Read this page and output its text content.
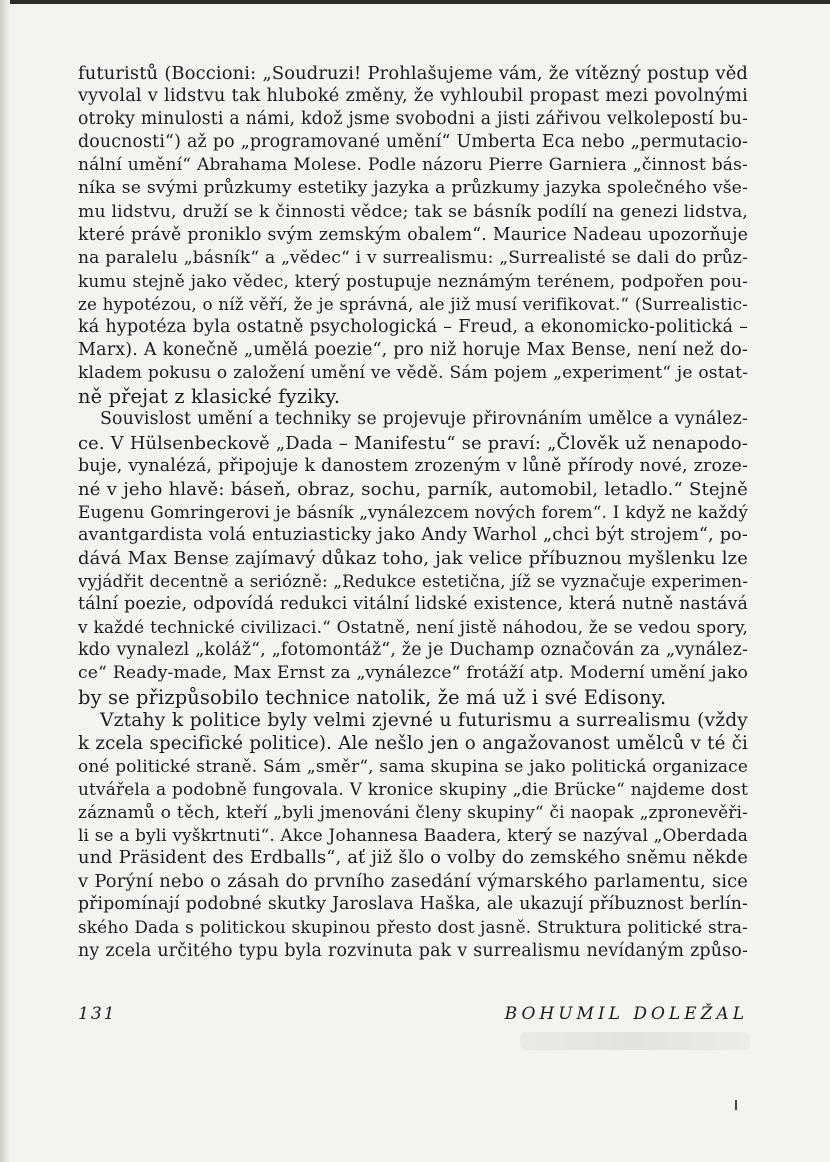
futuristů (Boccioni: „Soudruzi! Prohlašujeme vám, že vítězný postup věd
vyvolal v lidstvu tak hluboké změny, že vyhloubil propast mezi povolnými
otroky minulosti a námi, kdož jsme svobodni a jisti zářivou velkolepostí bu-
doucnosti“) až po „programované umění“ Umberta Eca nebo „permutacio-
nální umění“ Abrahama Molese. Podle názoru Pierre Garniera „činnost bás-
níka se svými průzkumy estetiky jazyka a průzkumy jazyka společného vše-
mu lidstvu, druží se k činnosti vědce; tak se básník podílí na genezi lidstva,
které právě proniklo svým zemským obalem“. Maurice Nadeau upozorňuje
na paralelu „básník“ a „vědec“ i v surrealismu: „Surrealisté se dali do průz-
kumu stejně jako vědec, který postupuje neznámým terénem, podpořen pou-
ze hypotézou, o níž věří, že je správná, ale již musí verifikovat.“ (Surrealistic-
ká hypotéza byla ostatně psychologická – Freud, a ekonomicko-politická –
Marx). A konečně „umělá poezie“, pro niž horuje Max Bense, není než do-
kladem pokusu o založení umění ve vědě. Sám pojem „experiment“ je ostat-
ně přejat z klasické fyziky.
Souvislost umění a techniky se projevuje přirovnáním umělce a vynález-
ce. V Hülsenbeckově „Dada – Manifestu“ se praví: „Člověk už nenapodo-
buje, vynalézá, připojuje k danostem zrozeným v lůně přírody nové, zroze-
né v jeho hlavě: báseň, obraz, sochu, parník, automobil, letadlo.“ Stejně
Eugenu Gomringerovi je básník „vynálezcem nových forem“. I když ne každý
avantgardista volá entuziasticky jako Andy Warhol „chci být strojem“, po-
dává Max Bense zajímavý důkaz toho, jak velice příbuznou myšlenku lze
vyjádřit decentně a seriózně: „Redukce estetična, jíž se vyznačuje experimen-
tální poezie, odpovídá redukci vitální lidské existence, která nutně nastává
v každé technické civilizaci.“ Ostatně, není jistě náhodou, že se vedou spory,
kdo vynalezl „koláž“, „fotomontáž“, že je Duchamp označován za „vynález-
ce“ Ready-made, Max Ernst za „vynálezce“ frotáží atp. Moderní umění jako
by se přizpůsobilo technice natolik, že má už i své Edisony.
Vztahy k politice byly velmi zjevné u futurismu a surrealismu (vždy
k zcela specifické politice). Ale nešlo jen o angažovanost umělců v té či
oné politické straně. Sám „směr“, sama skupina se jako politická organizace
utvářela a podobně fungovala. V kronice skupiny „die Brücke“ najdeme dost
záznamů o těch, kteří „byli jmenováni členy skupiny“ či naopak „zpronevěři-
li se a byli vyškrtnuti“. Akce Johannesa Baadera, který se nazýval „Oberdada
und Präsident des Erdballs“, ať již šlo o volby do zemského sněmu někde
v Porýní nebo o zásah do prvního zasedání výmarského parlamentu, sice
připomínají podobné skutky Jaroslava Haška, ale ukazují příbuznost berlín-
ského Dada s politickou skupinou přesto dost jasně. Struktura politické stra-
ny zcela určitého typu byla rozvinuta pak v surrealismu nevídaným způso-
131	BOHUMIL DOLEŽAL
